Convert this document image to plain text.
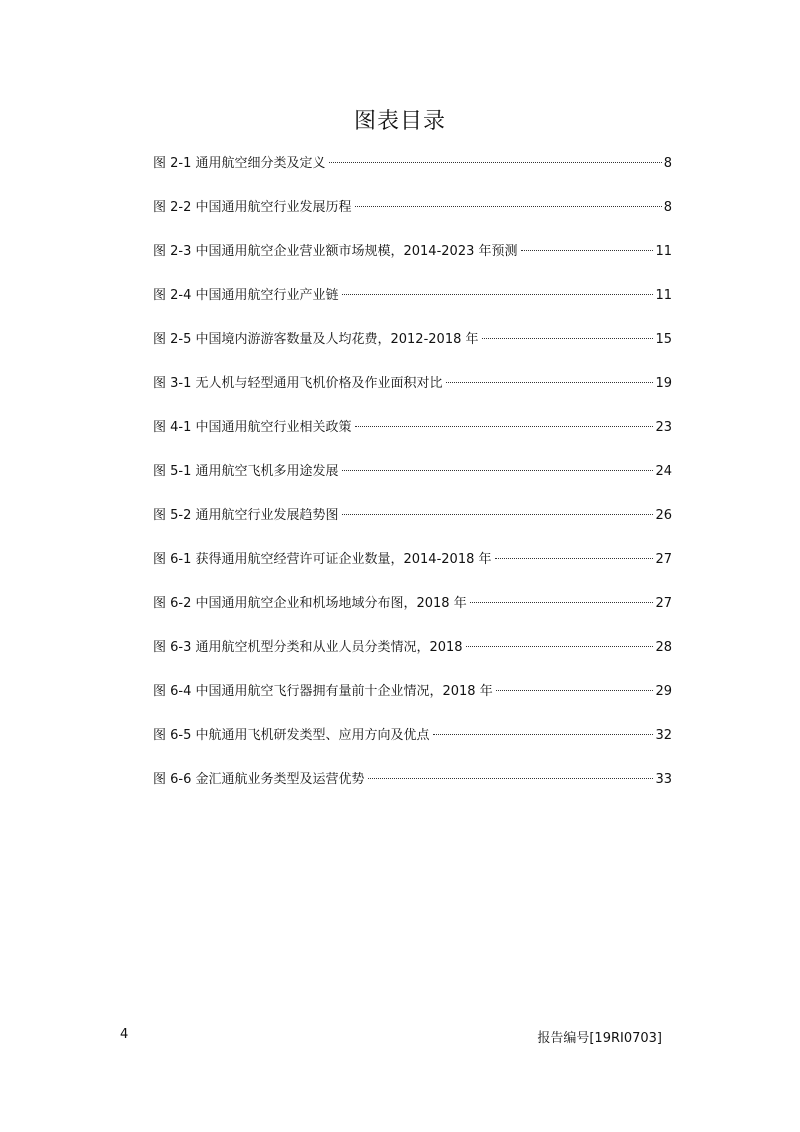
图表目录
图 2-1 通用航空细分类及定义	8
图 2-2 中国通用航空行业发展历程	8
图 2-3 中国通用航空企业营业额市场规模，2014-2023 年预测	11
图 2-4 中国通用航空行业产业链	11
图 2-5 中国境内游游客数量及人均花费，2012-2018 年	15
图 3-1 无人机与轻型通用飞机价格及作业面积对比	19
图 4-1 中国通用航空行业相关政策	23
图 5-1 通用航空飞机多用途发展	24
图 5-2 通用航空行业发展趋势图	26
图 6-1 获得通用航空经营许可证企业数量，2014-2018 年	27
图 6-2 中国通用航空企业和机场地域分布图，2018 年	27
图 6-3 通用航空机型分类和从业人员分类情况，2018	28
图 6-4 中国通用航空飞行器拥有量前十企业情况，2018 年	29
图 6-5 中航通用飞机研发类型、应用方向及优点	32
图 6-6 金汇通航业务类型及运营优势	33
4	报告编号[19RI0703]
